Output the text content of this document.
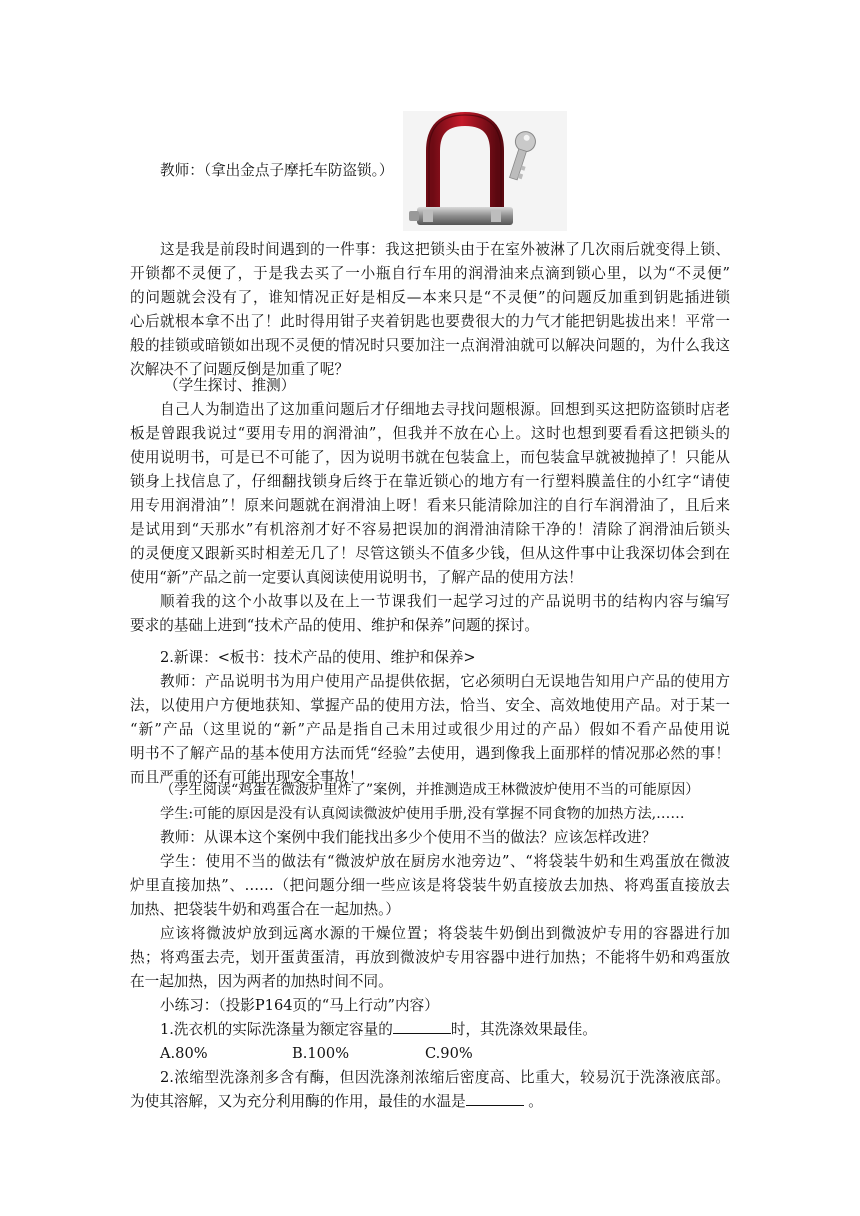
教师：（拿出金点子摩托车防盗锁。）
这是我是前段时间遇到的一件事：我这把锁头由于在室外被淋了几次雨后就变得上锁、
开锁都不灵便了，于是我去买了一小瓶自行车用的润滑油来点滴到锁心里，以为“不灵便”
的问题就会没有了，谁知情况正好是相反—本来只是“不灵便”的问题反加重到钥匙插进锁
心后就根本拿不出了！此时得用钳子夹着钥匙也要费很大的力气才能把钥匙拔出来！平常一
般的挂锁或暗锁如出现不灵便的情况时只要加注一点润滑油就可以解决问题的，为什么我这
次解决不了问题反倒是加重了呢？
（学生探讨、推测）
自己人为制造出了这加重问题后才仔细地去寻找问题根源。回想到买这把防盗锁时店老
板是曾跟我说过“要用专用的润滑油”，但我并不放在心上。这时也想到要看看这把锁头的
使用说明书，可是已不可能了，因为说明书就在包装盒上，而包装盒早就被抛掉了！只能从
锁身上找信息了，仔细翻找锁身后终于在靠近锁心的地方有一行塑料膜盖住的小红字“请使
用专用润滑油”！原来问题就在润滑油上呀！看来只能清除加注的自行车润滑油了，且后来
是试用到“天那水”有机溶剂才好不容易把误加的润滑油清除干净的！清除了润滑油后锁头
的灵便度又跟新买时相差无几了！尽管这锁头不值多少钱，但从这件事中让我深切体会到在
使用“新”产品之前一定要认真阅读使用说明书，了解产品的使用方法！
顺着我的这个小故事以及在上一节课我们一起学习过的产品说明书的结构内容与编写
要求的基础上进到“技术产品的使用、维护和保养”问题的探讨。
2.新课：<板书：技术产品的使用、维护和保养>
教师：产品说明书为用户使用产品提供依据，它必须明白无误地告知用户产品的使用方
法，以使用户方便地获知、掌握产品的使用方法，恰当、安全、高效地使用产品。对于某一
“新”产品（这里说的“新”产品是指自己未用过或很少用过的产品）假如不看产品使用说
明书不了解产品的基本使用方法而凭“经验”去使用，遇到像我上面那样的情况那必然的事！
而且严重的还有可能出现安全事故！
（学生阅读“鸡蛋在微波炉里炸了”案例，并推测造成王林微波炉使用不当的可能原因）
学生:可能的原因是没有认真阅读微波炉使用手册,没有掌握不同食物的加热方法,……
教师：从课本这个案例中我们能找出多少个使用不当的做法？应该怎样改进？
学生：使用不当的做法有“微波炉放在厨房水池旁边”、“将袋装牛奶和生鸡蛋放在微波
炉里直接加热”、……（把问题分细一些应该是将袋装牛奶直接放去加热、将鸡蛋直接放去
加热、把袋装牛奶和鸡蛋合在一起加热。）
应该将微波炉放到远离水源的干燥位置；将袋装牛奶倒出到微波炉专用的容器进行加
热；将鸡蛋去壳，划开蛋黄蛋清，再放到微波炉专用容器中进行加热；不能将牛奶和鸡蛋放
在一起加热，因为两者的加热时间不同。
小练习：（投影P164页的“马上行动”内容）
1.洗衣机的实际洗涤量为额定容量的	时，其洗涤效果最佳。
A.80%	B.100%	C.90%
2.浓缩型洗涤剂多含有酶，但因洗涤剂浓缩后密度高、比重大，较易沉于洗涤液底部。
为使其溶解，又为充分利用酶的作用，最佳的水温是	。
